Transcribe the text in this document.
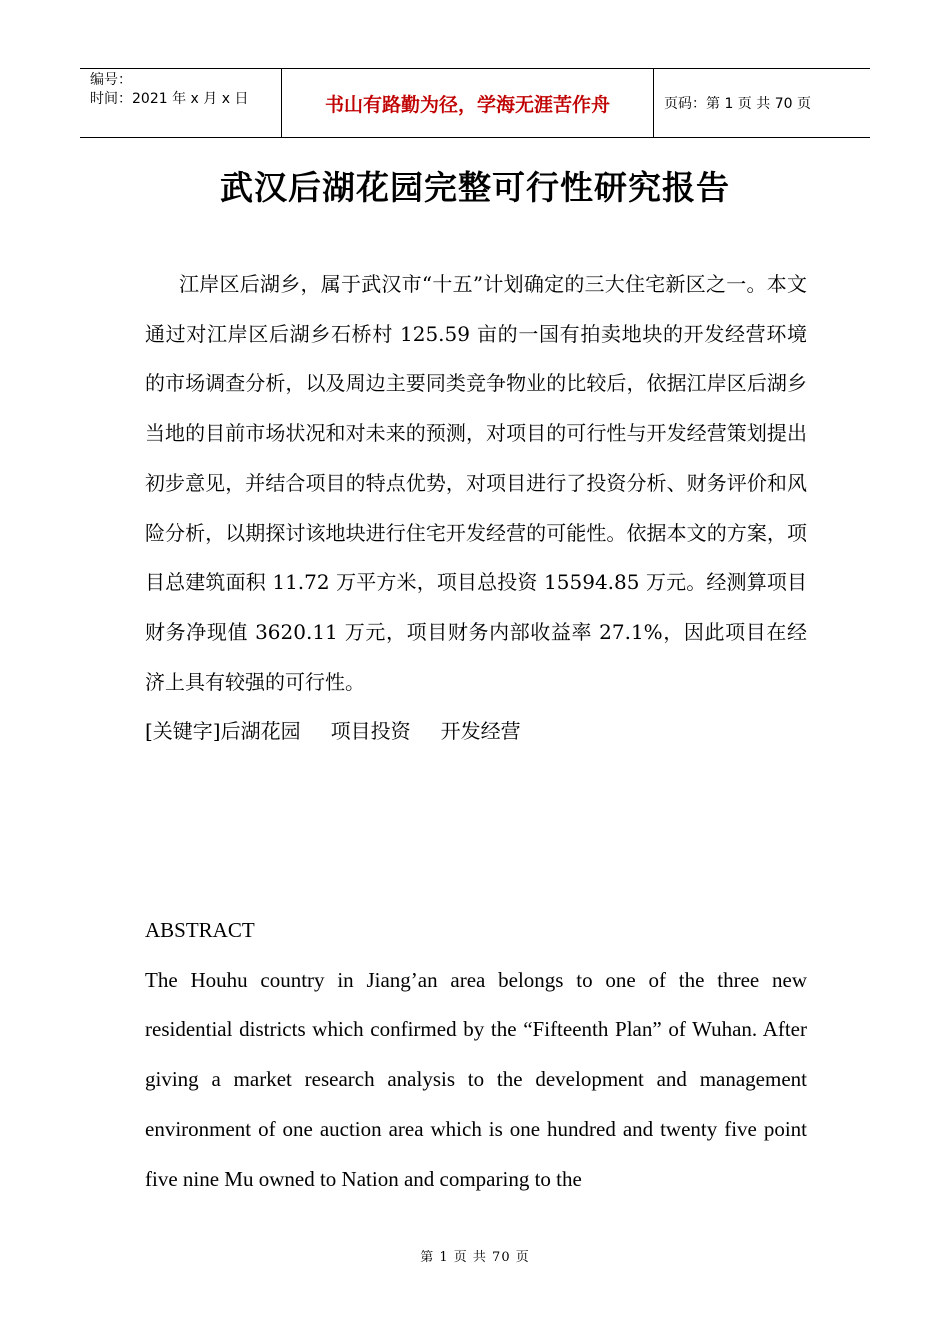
编号：
时间：2021 年 x 月 x 日	书山有路勤为径，学海无涯苦作舟	页码：第 1 页 共 70 页
武汉后湖花园完整可行性研究报告

江岸区后湖乡，属于武汉市“十五”计划确定的三大住宅新区之一。本文通过对江岸区后湖乡石桥村 125.59 亩的一国有拍卖地块的开发经营环境的市场调查分析，以及周边主要同类竞争物业的比较后，依据江岸区后湖乡当地的目前市场状况和对未来的预测，对项目的可行性与开发经营策划提出初步意见，并结合项目的特点优势，对项目进行了投资分析、财务评价和风险分析，以期探讨该地块进行住宅开发经营的可能性。依据本文的方案，项目总建筑面积 11.72 万平方米，项目总投资 15594.85 万元。经测算项目财务净现值 3620.11 万元，项目财务内部收益率 27.1%，因此项目在经济上具有较强的可行性。

[关键字]后湖花园 项目投资 开发经营

ABSTRACT

The Houhu country in Jiang’an area belongs to one of the three new residential districts which confirmed by the “Fifteenth Plan” of Wuhan. After giving a market research analysis to the development and management environment of one auction area which is one hundred and twenty five point five nine Mu owned to Nation and comparing to the

第 1 页 共 70 页
